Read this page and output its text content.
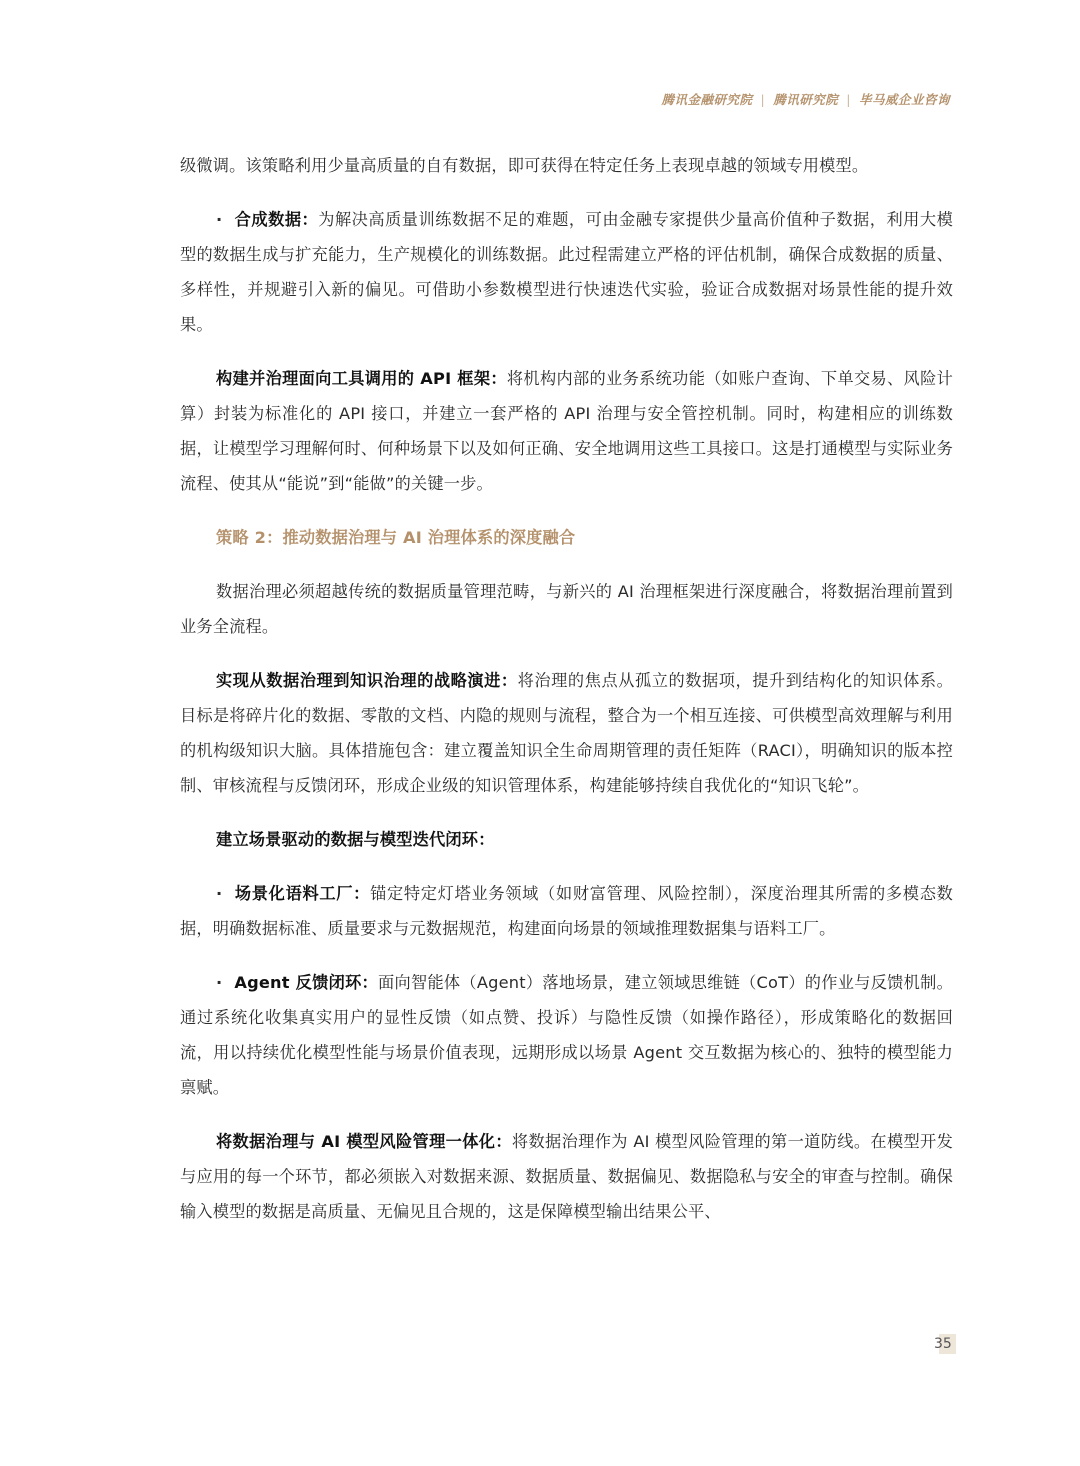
腾讯金融研究院 | 腾讯研究院 | 毕马威企业咨询

级微调。该策略利用少量高质量的自有数据，即可获得在特定任务上表现卓越的领域专用模型。

· 合成数据：为解决高质量训练数据不足的难题，可由金融专家提供少量高价值种子数据，利用大模型的数据生成与扩充能力，生产规模化的训练数据。此过程需建立严格的评估机制，确保合成数据的质量、多样性，并规避引入新的偏见。可借助小参数模型进行快速迭代实验，验证合成数据对场景性能的提升效果。

构建并治理面向工具调用的 API 框架：将机构内部的业务系统功能（如账户查询、下单交易、风险计算）封装为标准化的 API 接口，并建立一套严格的 API 治理与安全管控机制。同时，构建相应的训练数据，让模型学习理解何时、何种场景下以及如何正确、安全地调用这些工具接口。这是打通模型与实际业务流程、使其从“能说”到“能做”的关键一步。

策略 2：推动数据治理与 AI 治理体系的深度融合

数据治理必须超越传统的数据质量管理范畴，与新兴的 AI 治理框架进行深度融合，将数据治理前置到业务全流程。

实现从数据治理到知识治理的战略演进：将治理的焦点从孤立的数据项，提升到结构化的知识体系。目标是将碎片化的数据、零散的文档、内隐的规则与流程，整合为一个相互连接、可供模型高效理解与利用的机构级知识大脑。具体措施包含：建立覆盖知识全生命周期管理的责任矩阵（RACI），明确知识的版本控制、审核流程与反馈闭环，形成企业级的知识管理体系，构建能够持续自我优化的“知识飞轮”。

建立场景驱动的数据与模型迭代闭环：

· 场景化语料工厂：锚定特定灯塔业务领域（如财富管理、风险控制），深度治理其所需的多模态数据，明确数据标准、质量要求与元数据规范，构建面向场景的领域推理数据集与语料工厂。

· Agent 反馈闭环：面向智能体（Agent）落地场景，建立领域思维链（CoT）的作业与反馈机制。通过系统化收集真实用户的显性反馈（如点赞、投诉）与隐性反馈（如操作路径），形成策略化的数据回流，用以持续优化模型性能与场景价值表现，远期形成以场景 Agent 交互数据为核心的、独特的模型能力禀赋。

将数据治理与 AI 模型风险管理一体化：将数据治理作为 AI 模型风险管理的第一道防线。在模型开发与应用的每一个环节，都必须嵌入对数据来源、数据质量、数据偏见、数据隐私与安全的审查与控制。确保输入模型的数据是高质量、无偏见且合规的，这是保障模型输出结果公平、

35
